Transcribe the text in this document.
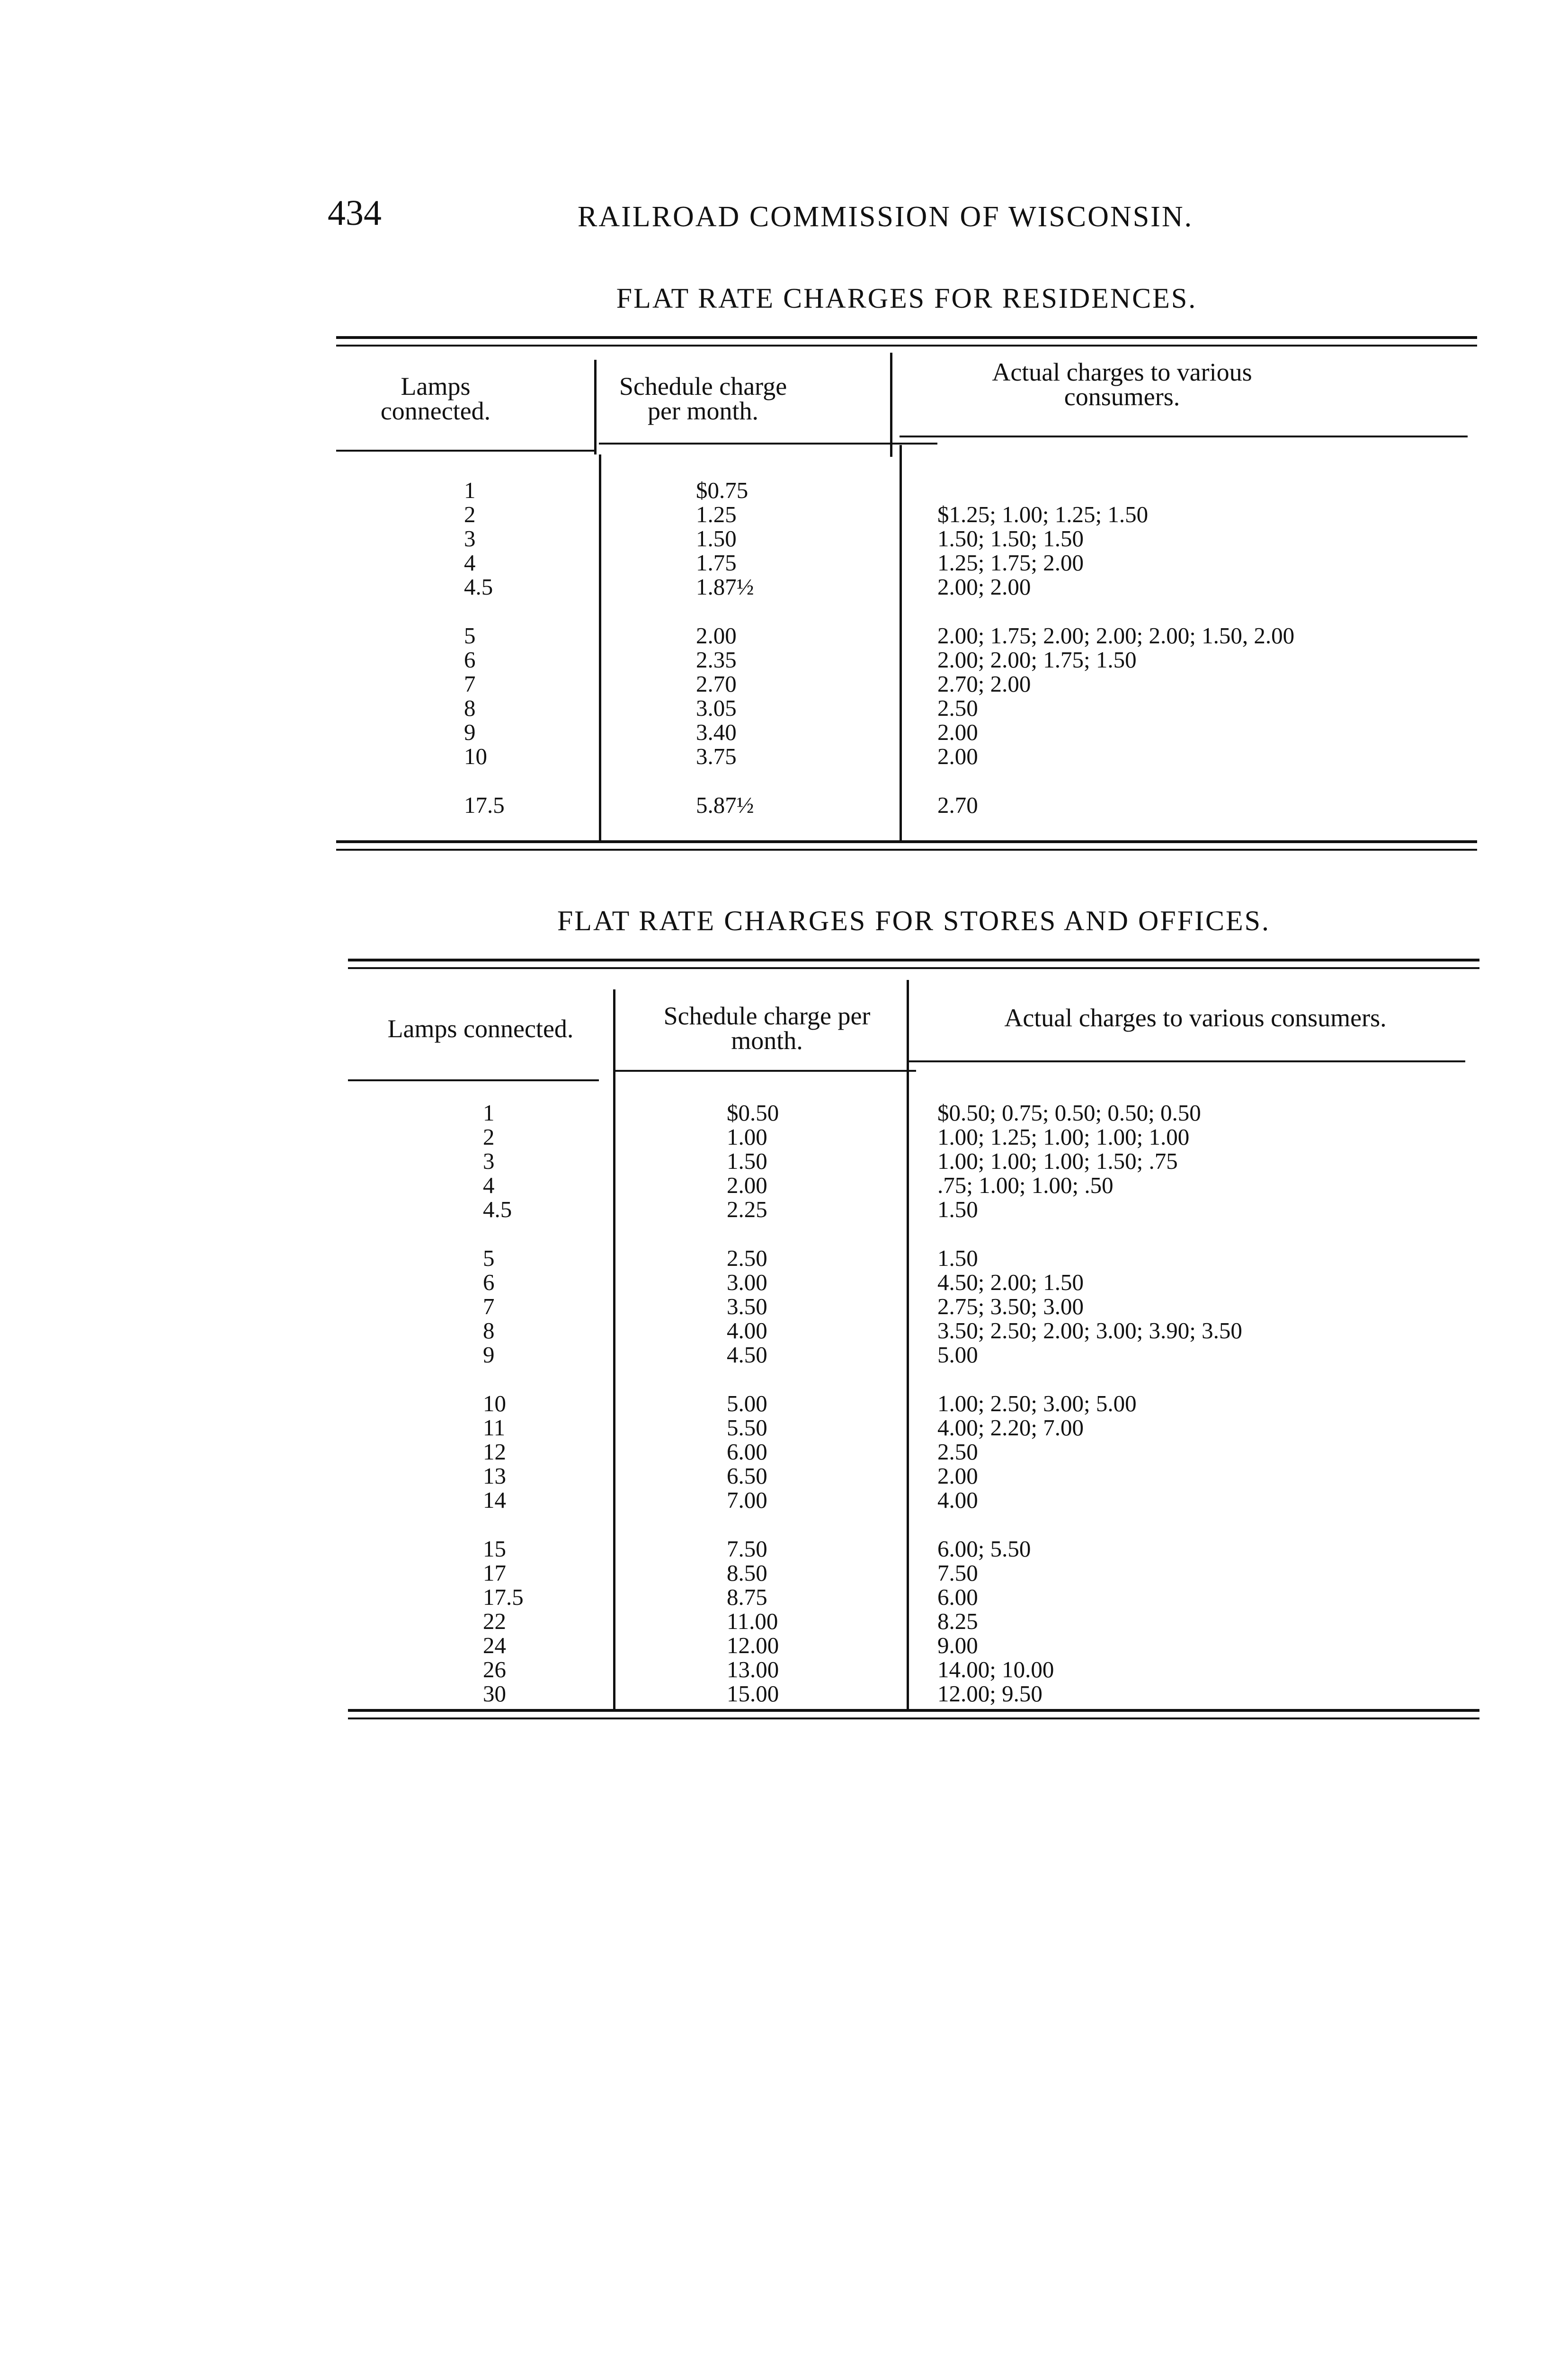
434	RAILROAD COMMISSION OF WISCONSIN.
FLAT RATE CHARGES FOR RESIDENCES.
Lamps connected.
Schedule charge per month.
Actual charges to various consumers.
1	$0.75
2	1.25	$1.25; 1.00; 1.25; 1.50
3	1.50	1.50; 1.50; 1.50
4	1.75	1.25; 1.75; 2.00
4.5	1.87½	2.00; 2.00
5	2.00	2.00; 1.75; 2.00; 2.00; 2.00; 1.50, 2.00
6	2.35	2.00; 2.00; 1.75; 1.50
7	2.70	2.70; 2.00
8	3.05	2.50
9	3.40	2.00
10	3.75	2.00
17.5	5.87½	2.70
FLAT RATE CHARGES FOR STORES AND OFFICES.
Lamps connected.	Schedule charge per month.
Actual charges to various consumers.
1	$0.50	$0.50; 0.75; 0.50; 0.50; 0.50
2	1.00	1.00; 1.25; 1.00; 1.00; 1.00
3	1.50	1.00; 1.00; 1.00; 1.50; .75
4	2.00	.75; 1.00; 1.00; .50
4.5	2.25	1.50
5	2.50	1.50
6	3.00	4.50; 2.00; 1.50
7	3.50	2.75; 3.50; 3.00
8	4.00	3.50; 2.50; 2.00; 3.00; 3.90; 3.50
9	4.50	5.00
10	5.00	1.00; 2.50; 3.00; 5.00
11	5.50	4.00; 2.20; 7.00
12	6.00	2.50
13	6.50	2.00
14	7.00	4.00
15	7.50	6.00; 5.50
17	8.50	7.50
17.5	8.75	6.00
22	11.00	8.25
24	12.00	9.00
26	13.00	14.00; 10.00
30	15.00	12.00; 9.50
